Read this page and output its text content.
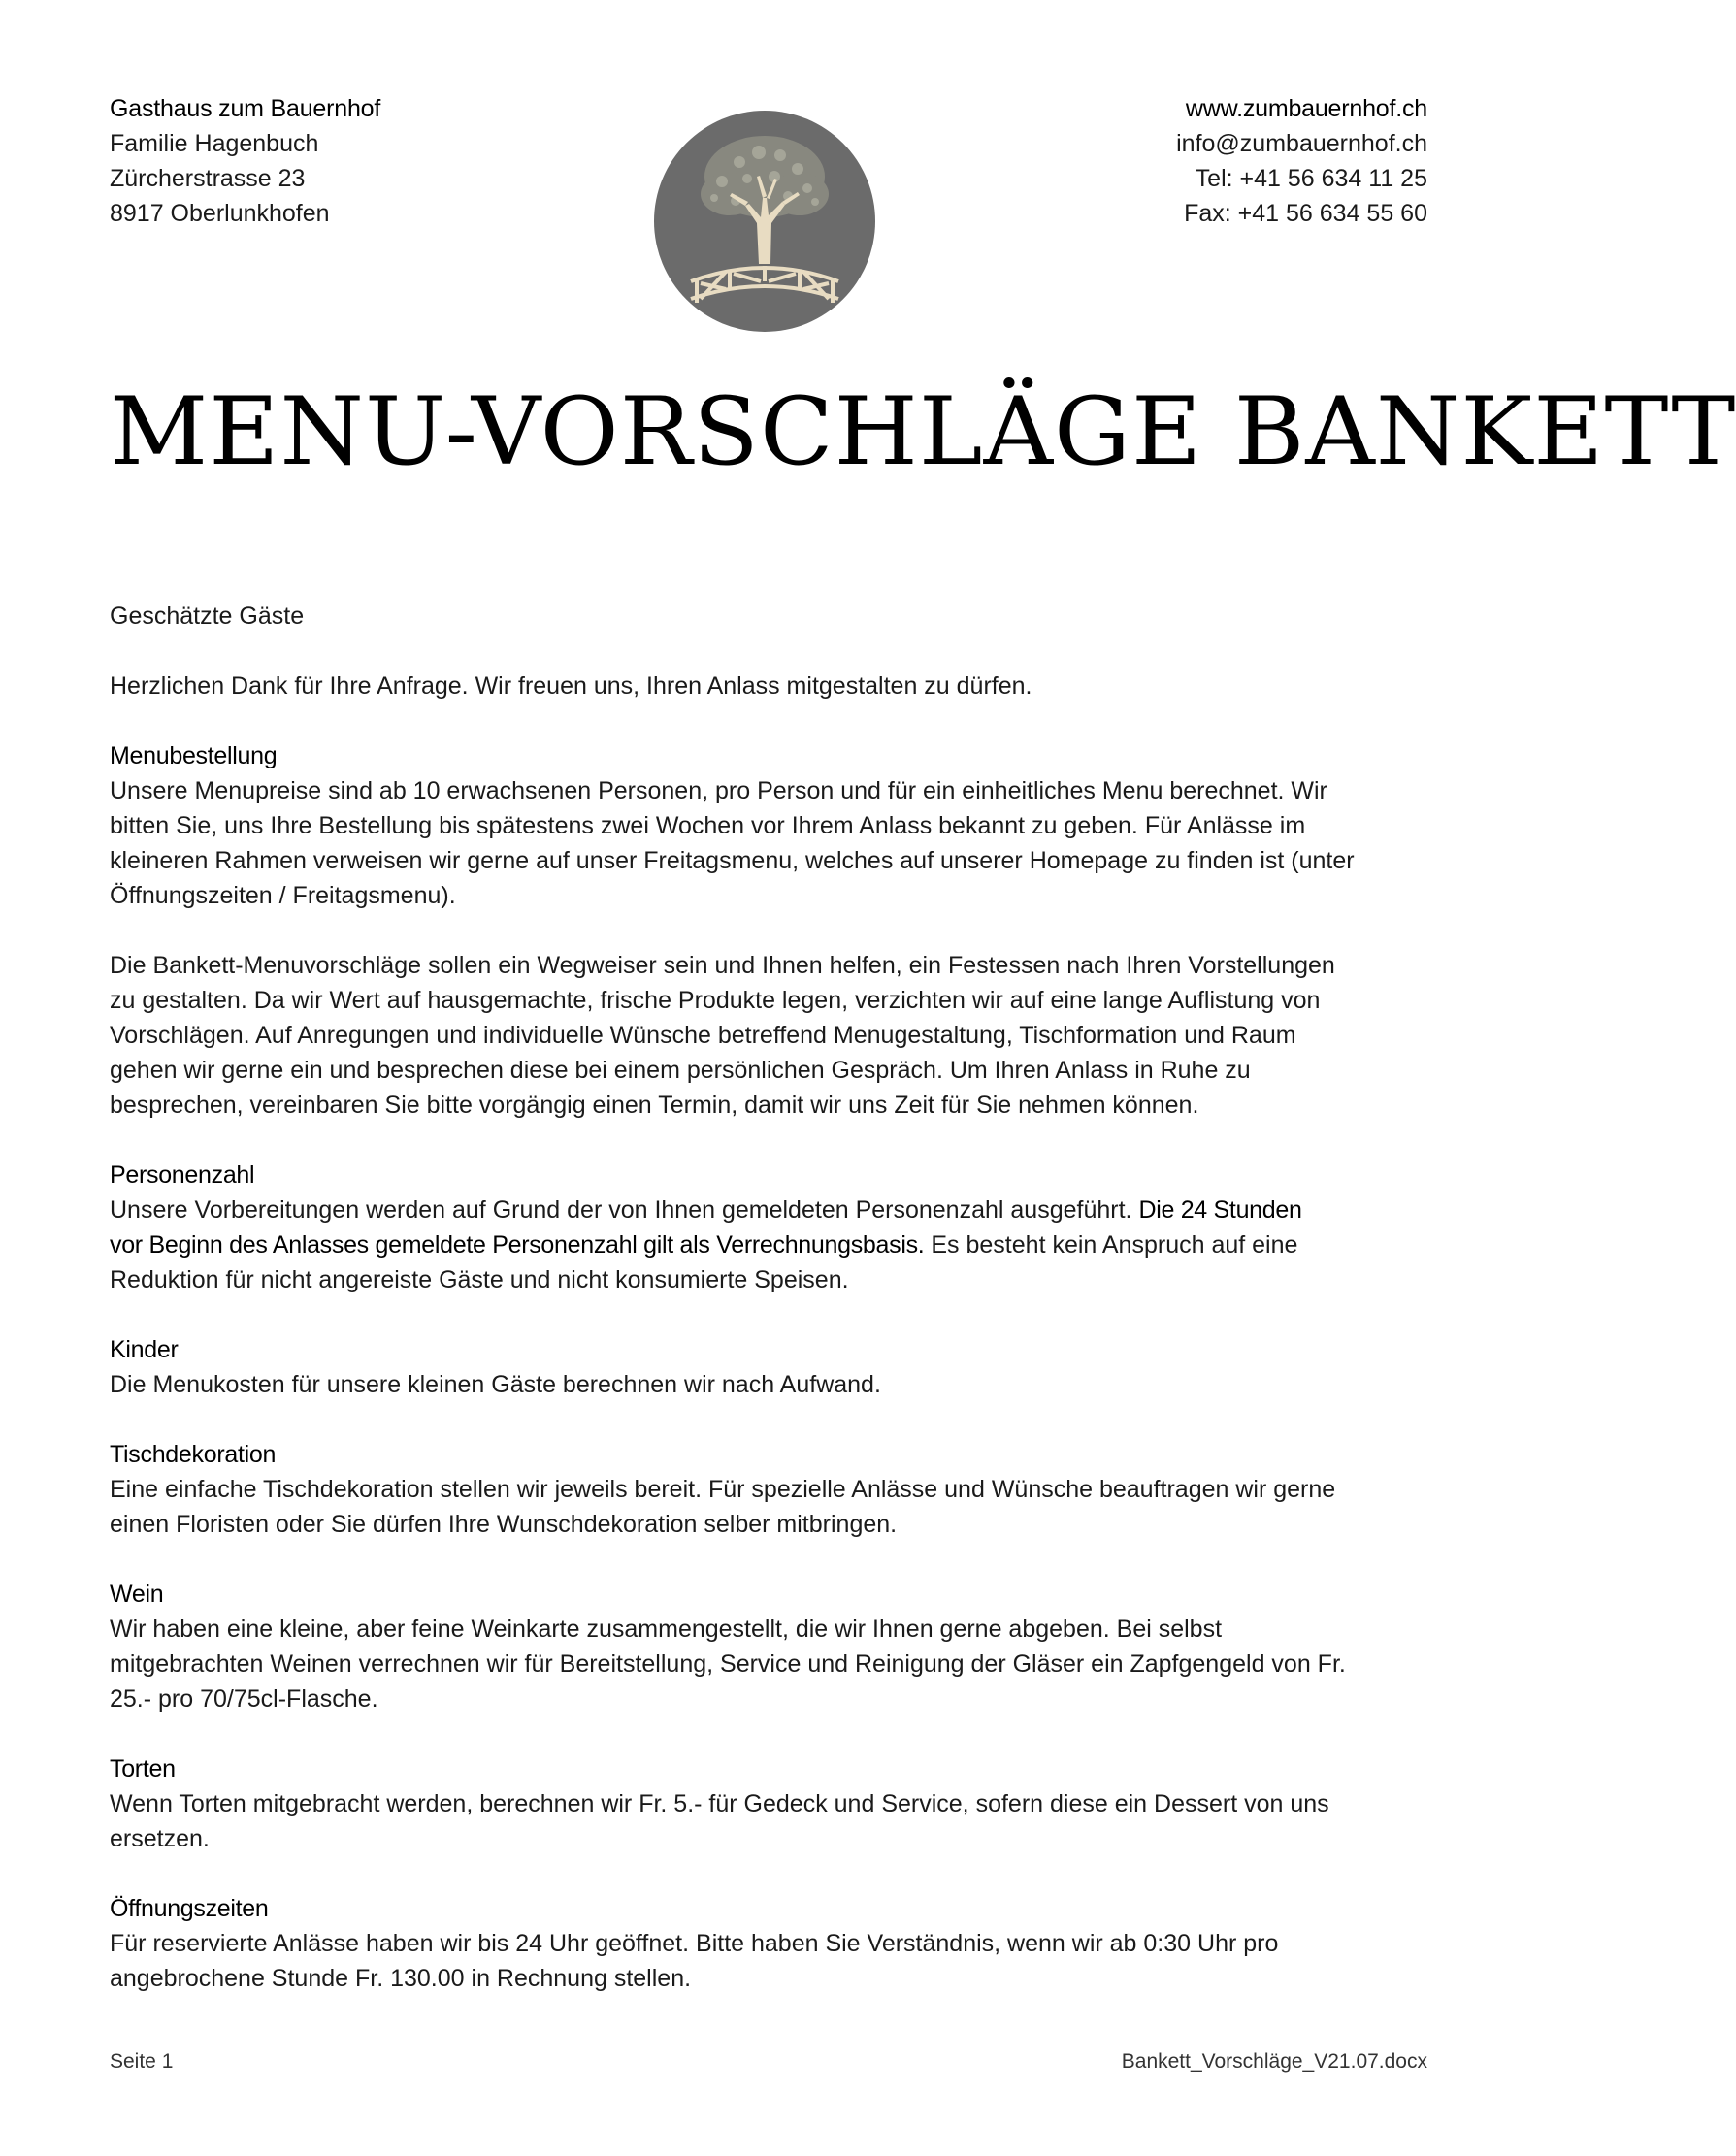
Gasthaus zum Bauernhof
Familie Hagenbuch
Zürcherstrasse 23
8917 Oberlunkhofen
www.zumbauernhof.ch
info@zumbauernhof.ch
Tel: +41 56 634 11 25
Fax: +41 56 634 55 60
MENU-VORSCHLÄGE BANKETT

Geschätzte Gäste

Herzlichen Dank für Ihre Anfrage. Wir freuen uns, Ihren Anlass mitgestalten zu dürfen.

Menubestellung

Unsere Menupreise sind ab 10 erwachsenen Personen, pro Person und für ein einheitliches Menu berechnet. Wir

bitten Sie, uns Ihre Bestellung bis spätestens zwei Wochen vor Ihrem Anlass bekannt zu geben. Für Anlässe im

kleineren Rahmen verweisen wir gerne auf unser Freitagsmenu, welches auf unserer Homepage zu finden ist (unter

Öffnungszeiten / Freitagsmenu).

Die Bankett-Menuvorschläge sollen ein Wegweiser sein und Ihnen helfen, ein Festessen nach Ihren Vorstellungen

zu gestalten. Da wir Wert auf hausgemachte, frische Produkte legen, verzichten wir auf eine lange Auflistung von

Vorschlägen. Auf Anregungen und individuelle Wünsche betreffend Menugestaltung, Tischformation und Raum

gehen wir gerne ein und besprechen diese bei einem persönlichen Gespräch. Um Ihren Anlass in Ruhe zu

besprechen, vereinbaren Sie bitte vorgängig einen Termin, damit wir uns Zeit für Sie nehmen können.

Personenzahl

Unsere Vorbereitungen werden auf Grund der von Ihnen gemeldeten Personenzahl ausgeführt. Die 24 Stunden

vor Beginn des Anlasses gemeldete Personenzahl gilt als Verrechnungsbasis. Es besteht kein Anspruch auf eine

Reduktion für nicht angereiste Gäste und nicht konsumierte Speisen.

Kinder

Die Menukosten für unsere kleinen Gäste berechnen wir nach Aufwand.

Tischdekoration

Eine einfache Tischdekoration stellen wir jeweils bereit. Für spezielle Anlässe und Wünsche beauftragen wir gerne

einen Floristen oder Sie dürfen Ihre Wunschdekoration selber mitbringen.

Wein

Wir haben eine kleine, aber feine Weinkarte zusammengestellt, die wir Ihnen gerne abgeben. Bei selbst

mitgebrachten Weinen verrechnen wir für Bereitstellung, Service und Reinigung der Gläser ein Zapfgengeld von Fr.

25.- pro 70/75cl-Flasche.

Torten

Wenn Torten mitgebracht werden, berechnen wir Fr. 5.- für Gedeck und Service, sofern diese ein Dessert von uns

ersetzen.

Öffnungszeiten

Für reservierte Anlässe haben wir bis 24 Uhr geöffnet. Bitte haben Sie Verständnis, wenn wir ab 0:30 Uhr pro

angebrochene Stunde Fr. 130.00 in Rechnung stellen.

Seite 1	Bankett_Vorschläge_V21.07.docx
